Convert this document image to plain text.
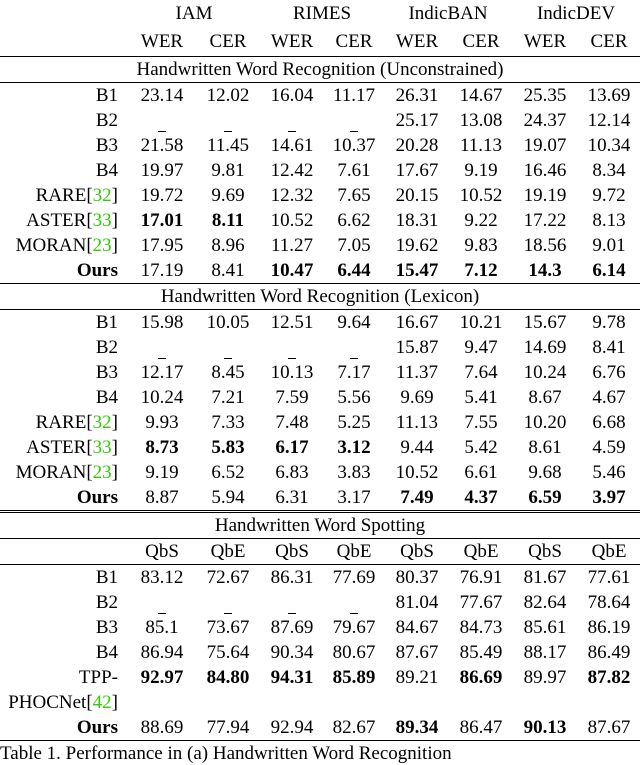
	IAM		RIMES		IndicBAN		IndicDEV	
	WER	CER	WER	CER	WER	CER	WER	CER
Handwritten Word Recognition (Unconstrained)								
B1	23.14	12.02	16.04	11.17	26.31	14.67	25.35	13.69
B2					25.17	13.08	24.37	12.14
B3	21.58	11.45	14.61	10.37	20.28	11.13	19.07	10.34
B4	19.97	9.81	12.42	7.61	17.67	9.19	16.46	8.34
RARE[32]	19.72	9.69	12.32	7.65	20.15	10.52	19.19	9.72
ASTER[33]	17.01	8.11	10.52	6.62	18.31	9.22	17.22	8.13
MORAN[23]	17.95	8.96	11.27	7.05	19.62	9.83	18.56	9.01
Ours	17.19	8.41	10.47	6.44	15.47	7.12	14.3	6.14
Handwritten Word Recognition (Lexicon)								
B1	15.98	10.05	12.51	9.64	16.67	10.21	15.67	9.78
B2					15.87	9.47	14.69	8.41
B3	12.17	8.45	10.13	7.17	11.37	7.64	10.24	6.76
B4	10.24	7.21	7.59	5.56	9.69	5.41	8.67	4.67
RARE[32]	9.93	7.33	7.48	5.25	11.13	7.55	10.20	6.68
ASTER[33]	8.73	5.83	6.17	3.12	9.44	5.42	8.61	4.59
MORAN[23]	9.19	6.52	6.83	3.83	10.52	6.61	9.68	5.46
Ours	8.87	5.94	6.31	3.17	7.49	4.37	6.59	3.97
Handwritten Word Spotting								
	QbS	QbE	QbS	QbE	QbS	QbE	QbS	QbE
B1	83.12	72.67	86.31	77.69	80.37	76.91	81.67	77.61
B2					81.04	77.67	82.64	78.64
B3	85.1	73.67	87.69	79.67	84.67	84.73	85.61	86.19
B4	86.94	75.64	90.34	80.67	87.67	85.49	88.17	86.49
TPP-	92.97	84.80	94.31	85.89	89.21	86.69	89.97	87.82
PHOCNet[42]								
Ours	88.69	77.94	92.94	82.67	89.34	86.47	90.13	87.67
Table 1. Performance in (a) Handwritten Word Recognition
